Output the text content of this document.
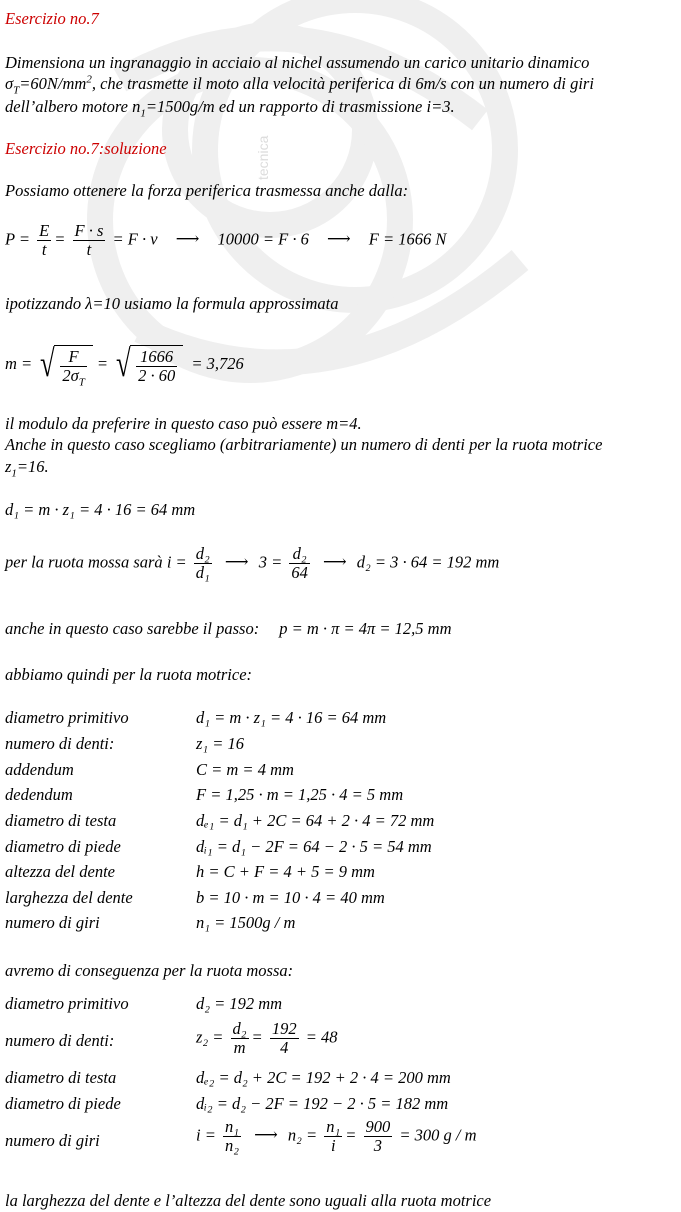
tecnica
Esercizio no.7
Dimensiona un ingranaggio in acciaio al nichel assumendo un carico unitario dinamico
$\sigma_T=60N/mm^2$, che trasmette il moto alla velocità periferica di 6m/s con un numero di giri
dell’albero motore $n_1=1500g/m$ ed un rapporto di trasmissione i=3.
Esercizio no.7:soluzione
Possiamo ottenere la forza periferica trasmessa anche dalla:
$P = \frac{E}{t} = \frac{F \cdot s}{t} = F \cdot v$ ⟶ 10000 = F · 6 ⟶ F = 1666 N
ipotizzando λ=10 usiamo la formula approssimata
m = √ $\frac{F}{2\sigma_T}$ = √ $\frac{1666}{2 \cdot 60} = 3,726$
il modulo da preferire in questo caso può essere m=4.
Anche in questo caso scegliamo (arbitrariamente) un numero di denti per la ruota motrice
$z_1=16$.
d₁ = m · z₁ = 4 · 16 = 64 mm
per la ruota mossa sarà $i = \frac{\text{d₂}}{\text{d₁}}$ ⟶ $3 = \frac{\text{d₂}}{64}$ ⟶ d₂ = 3 · 64 = 192 mm
anche in questo caso sarebbe il passo: p = m · π = 4π = 12,5 mm
abbiamo quindi per la ruota motrice:
diametro primitivo	d₁ = m · z₁ = 4 · 16 = 64 mm
numero di denti:	z₁ = 16
addendum	C = m = 4 mm
dedendum	F = 1,25 · m = 1,25 · 4 = 5 mm
diametro di testa	dₑ₁ = d₁ + 2C = 64 + 2 · 4 = 72 mm
diametro di piede	dᵢ₁ = d₁ − 2F = 64 − 2 · 5 = 54 mm
altezza del dente	h = C + F = 4 + 5 = 9 mm
larghezza del dente	b = 10 · m = 10 · 4 = 40 mm
numero di giri	n₁ = 1500g / m
avremo di conseguenza per la ruota mossa:
diametro primitivo	d₂ = 192 mm
numero di denti:	$z_2 = \frac{\text{d₂}}{m} = \frac{192}{4} = 48$
diametro di testa	dₑ₂ = d₂ + 2C = 192 + 2 · 4 = 200 mm
diametro di piede	dᵢ₂ = d₂ − 2F = 192 − 2 · 5 = 182 mm
numero di giri	$i = \frac{\text{n₁}}{\text{n₂}}$ ⟶ $n_2 = \frac{\text{n₁}}{i} = \frac{900}{3} = 300$ g / m
la larghezza del dente e l’altezza del dente sono uguali alla ruota motrice
